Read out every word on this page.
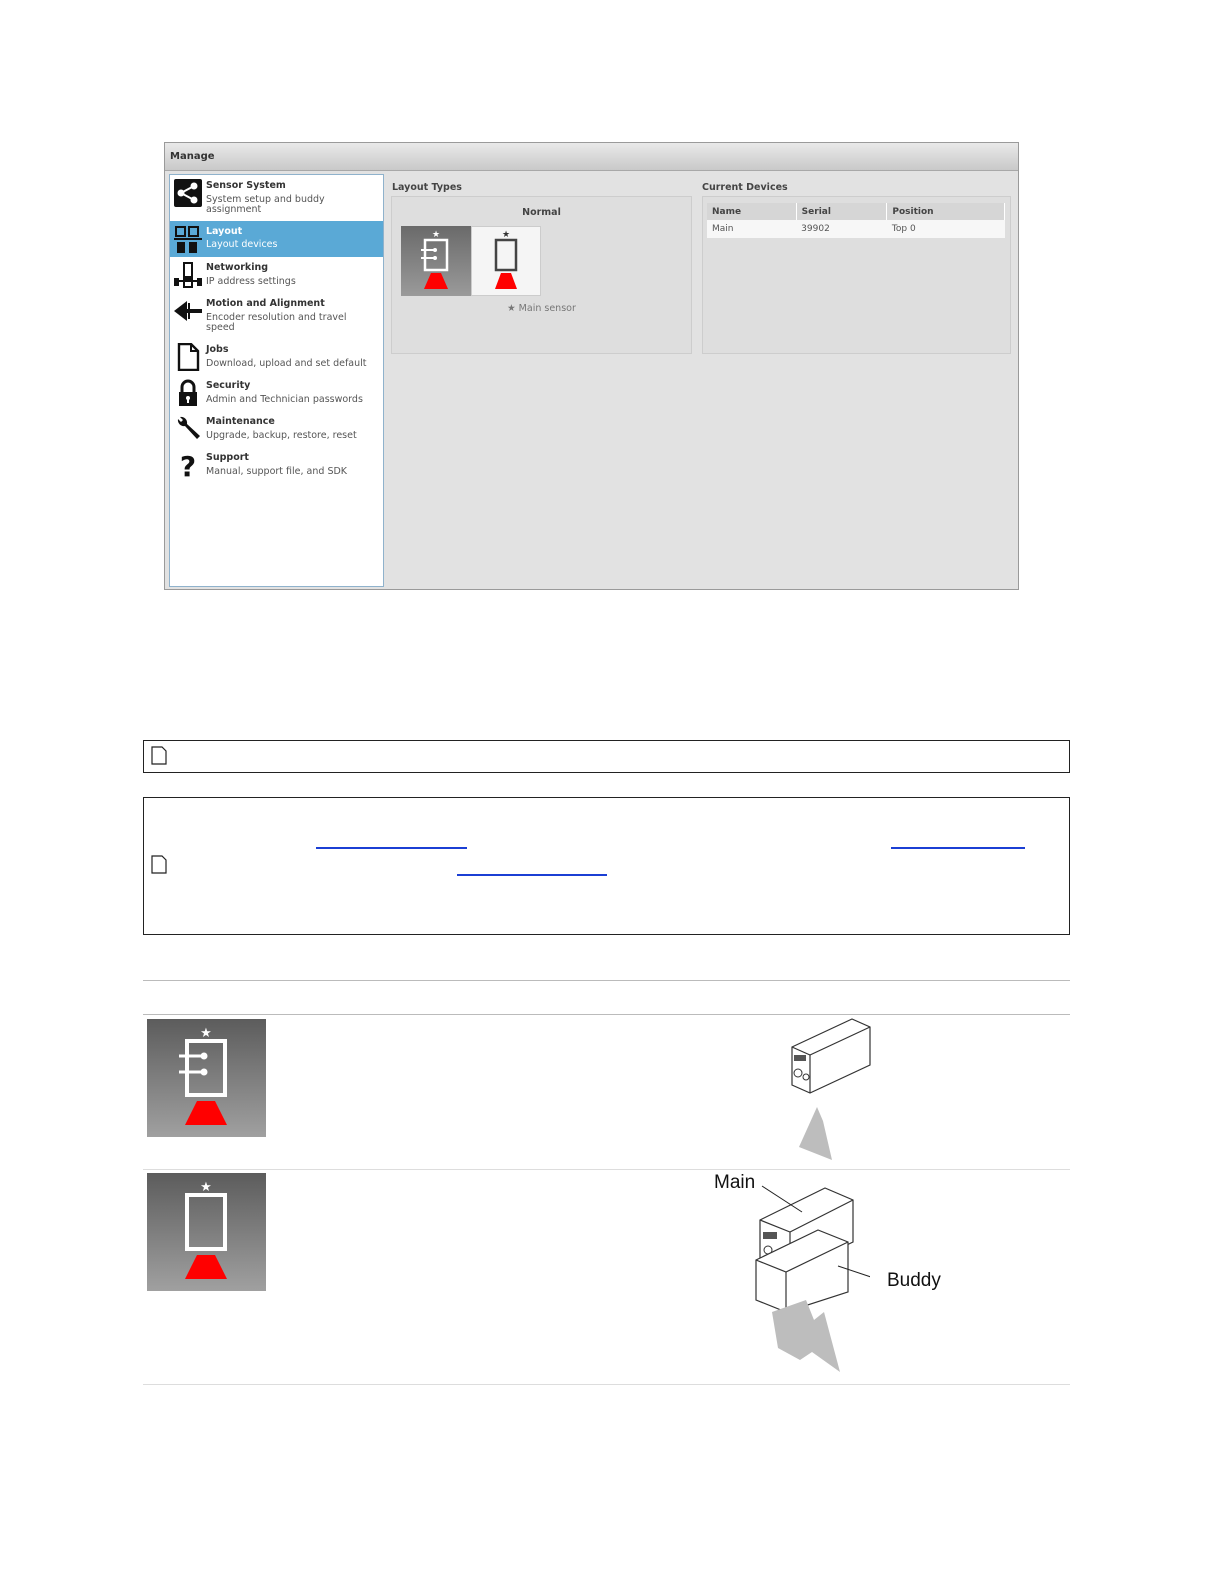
Manage
Sensor System
System setup and buddy assignment
Layout
Layout devices
Networking
IP address settings
Motion and Alignment
Encoder resolution and travel speed
Jobs
Download, upload and set default
Security
Admin and Technician passwords
Maintenance
Upgrade, backup, restore, reset
? Support
Manual, support file, and SDK
Layout Types
Normal
★	★
★ Main sensor
Current Devices
Name	Serial	Position
Main	39902	Top 0
★
★	Main
Buddy
